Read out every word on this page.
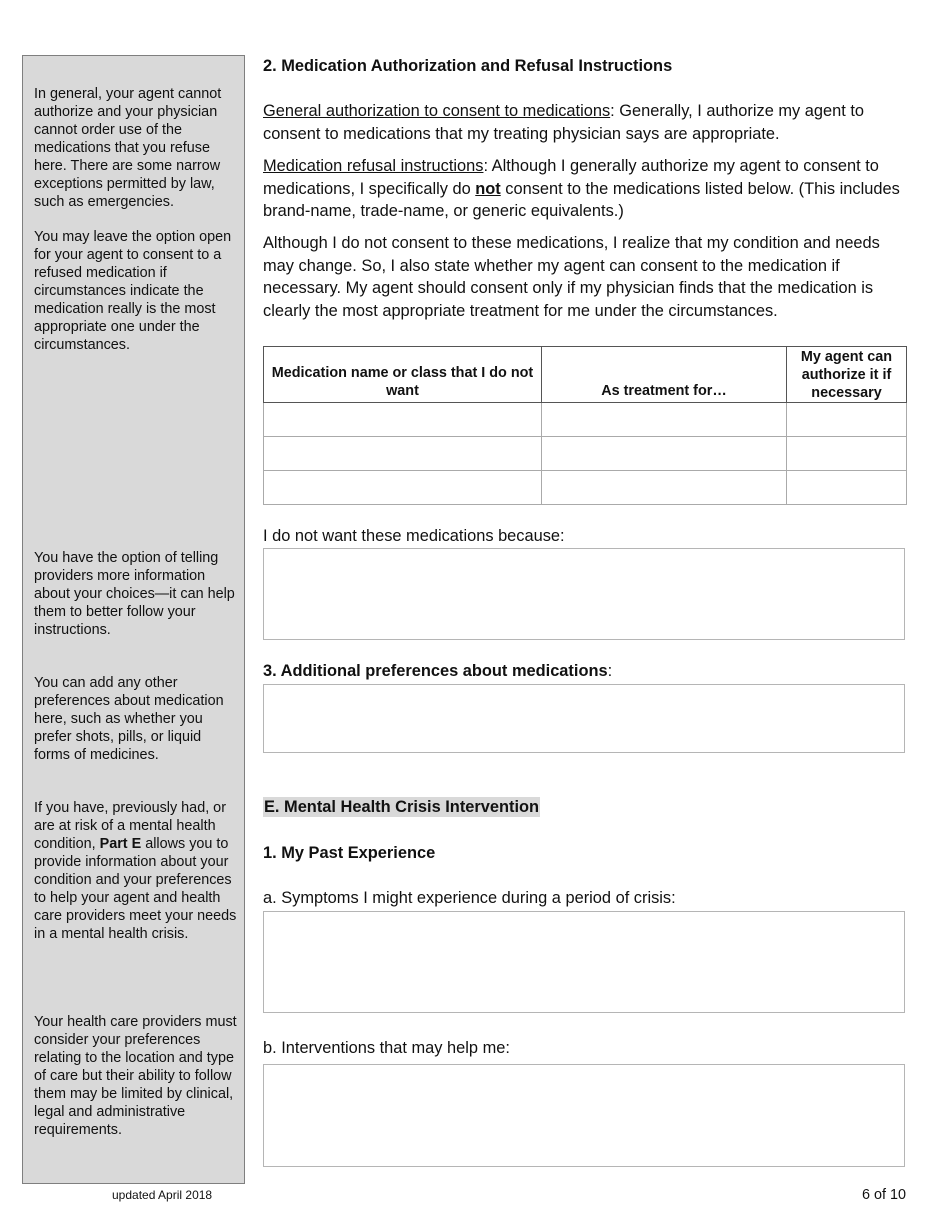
In general, your agent cannot authorize and your physician cannot order use of the medications that you refuse here. There are some narrow exceptions permitted by law, such as emergencies.
You may leave the option open for your agent to consent to a refused medication if circumstances indicate the medication really is the most appropriate one under the circumstances.
You have the option of telling providers more information about your choices—it can help them to better follow your instructions.
You can add any other preferences about medication here, such as whether you prefer shots, pills, or liquid forms of medicines.
If you have, previously had, or are at risk of a mental health condition, Part E allows you to provide information about your condition and your preferences to help your agent and health care providers meet your needs in a mental health crisis.
Your health care providers must consider your preferences relating to the location and type of care but their ability to follow them may be limited by clinical, legal and administrative requirements.
2. Medication Authorization and Refusal Instructions
General authorization to consent to medications: Generally, I authorize my agent to consent to medications that my treating physician says are appropriate.
Medication refusal instructions: Although I generally authorize my agent to consent to medications, I specifically do not consent to the medications listed below. (This includes brand-name, trade-name, or generic equivalents.)
Although I do not consent to these medications, I realize that my condition and needs may change. So, I also state whether my agent can consent to the medication if necessary. My agent should consent only if my physician finds that the medication is clearly the most appropriate treatment for me under the circumstances.
Medication name or class that I do not want	As treatment for…	My agent can authorize it if necessary

I do not want these medications because:
3. Additional preferences about medications:
E. Mental Health Crisis Intervention
1. My Past Experience
a. Symptoms I might experience during a period of crisis:
b. Interventions that may help me:
updated April 2018	6 of 10
